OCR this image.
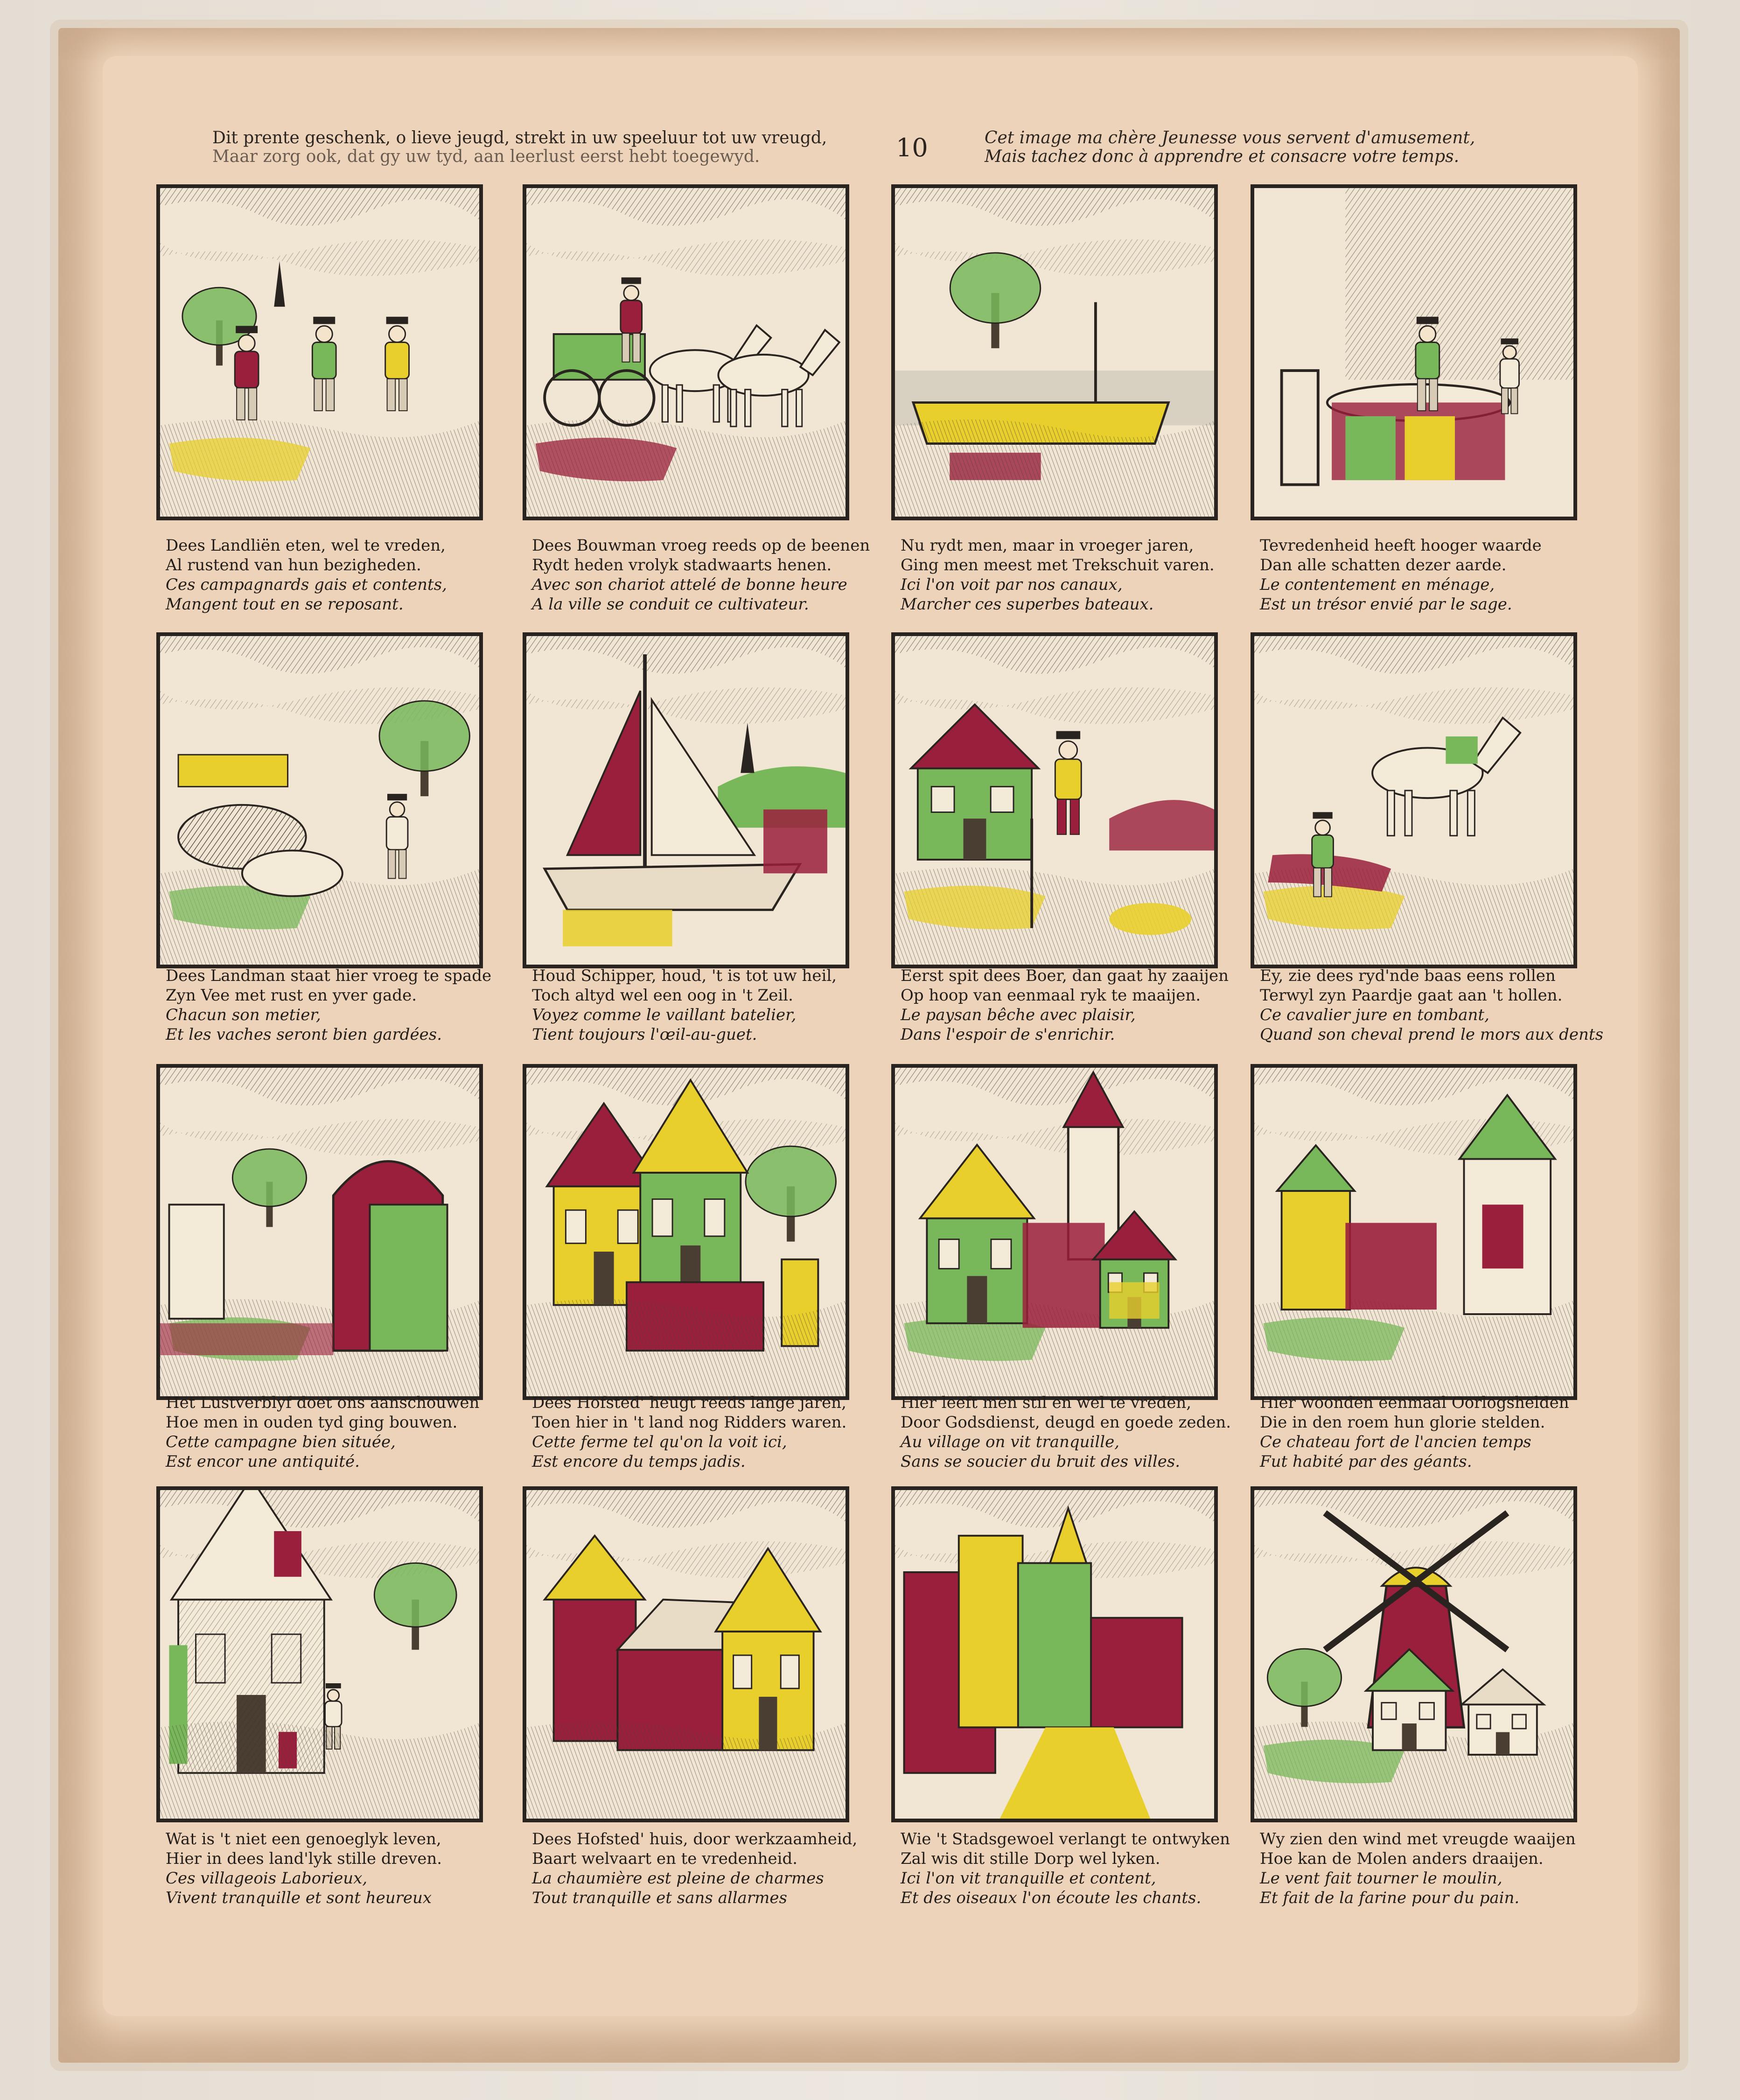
Dit prente geschenk, o lieve jeugd, strekt in uw speeluur tot uw vreugd,
Maar zorg ook, dat gy uw tyd, aan leerlust eerst hebt toegewyd.	10	Cet image ma chère Jeunesse vous servent d'amusement,
Mais tachez donc à apprendre et consacre votre temps.
Dees Landliën eten, wel te vreden,
Al rustend van hun bezigheden.
Ces campagnards gais et contents,
Mangent tout en se reposant.
Dees Bouwman vroeg reeds op de beenen
Rydt heden vrolyk stadwaarts henen.
Avec son chariot attelé de bonne heure
A la ville se conduit ce cultivateur.
Nu rydt men, maar in vroeger jaren,
Ging men meest met Trekschuit varen.
Ici l'on voit par nos canaux,
Marcher ces superbes bateaux.
Tevredenheid heeft hooger waarde
Dan alle schatten dezer aarde.
Le contentement en ménage,
Est un trésor envié par le sage.
Dees Landman staat hier vroeg te spade
Zyn Vee met rust en yver gade.
Chacun son metier,
Et les vaches seront bien gardées.
Houd Schipper, houd, 't is tot uw heil,
Toch altyd wel een oog in 't Zeil.
Voyez comme le vaillant batelier,
Tient toujours l'œil-au-guet.
Eerst spit dees Boer, dan gaat hy zaaijen
Op hoop van eenmaal ryk te maaijen.
Le paysan bêche avec plaisir,
Dans l'espoir de s'enrichir.
Ey, zie dees ryd'nde baas eens rollen
Terwyl zyn Paardje gaat aan 't hollen.
Ce cavalier jure en tombant,
Quand son cheval prend le mors aux dents
Het Lustverblyf doet ons aanschouwen
Hoe men in ouden tyd ging bouwen.
Cette campagne bien située,
Est encor une antiquité.
Dees Hofsted' heugt reeds lange jaren,
Toen hier in 't land nog Ridders waren.
Cette ferme tel qu'on la voit ici,
Est encore du temps jadis.
Hier leeft men stil en wel te vreden,
Door Godsdienst, deugd en goede zeden.
Au village on vit tranquille,
Sans se soucier du bruit des villes.
Hier woonden eenmaal Oorlogshelden
Die in den roem hun glorie stelden.
Ce chateau fort de l'ancien temps
Fut habité par des géants.
Wat is 't niet een genoeglyk leven,
Hier in dees land'lyk stille dreven.
Ces villageois Laborieux,
Vivent tranquille et sont heureux
Dees Hofsted' huis, door werkzaamheid,
Baart welvaart en te vredenheid.
La chaumière est pleine de charmes
Tout tranquille et sans allarmes
Wie 't Stadsgewoel verlangt te ontwyken
Zal wis dit stille Dorp wel lyken.
Ici l'on vit tranquille et content,
Et des oiseaux l'on écoute les chants.
Wy zien den wind met vreugde waaijen
Hoe kan de Molen anders draaijen.
Le vent fait tourner le moulin,
Et fait de la farine pour du pain.
